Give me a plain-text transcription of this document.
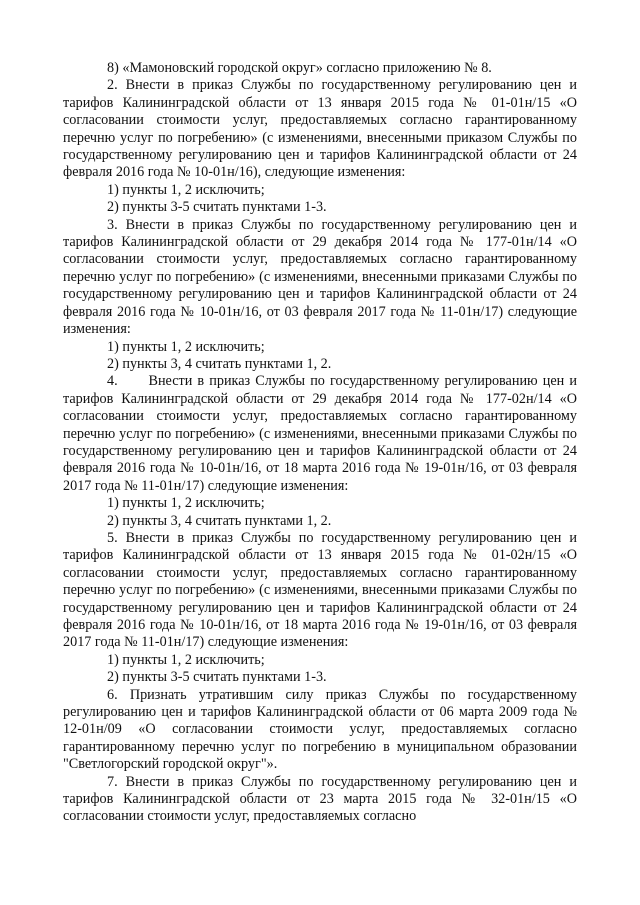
8) «Мамоновский городской округ» согласно приложению № 8.

2. Внести в приказ Службы по государственному регулированию цен и тарифов Калининградской области от 13 января 2015 года № 01-01н/15 «О согласовании стоимости услуг, предоставляемых согласно гарантированному перечню услуг по погребению» (с изменениями, внесенными приказом Службы по государственному регулированию цен и тарифов Калининградской области от 24 февраля 2016 года № 10-01н/16), следующие изменения:

1) пункты 1, 2 исключить;

2) пункты 3-5 считать пунктами 1-3.

3. Внести в приказ Службы по государственному регулированию цен и тарифов Калининградской области от 29 декабря 2014 года № 177-01н/14 «О согласовании стоимости услуг, предоставляемых согласно гарантированному перечню услуг по погребению» (с изменениями, внесенными приказами Службы по государственному регулированию цен и тарифов Калининградской области от 24 февраля 2016 года № 10-01н/16, от 03 февраля 2017 года № 11-01н/17) следующие изменения:

1) пункты 1, 2 исключить;

2) пункты 3, 4 считать пунктами 1, 2.

4.      Внести в приказ Службы по государственному регулированию цен и тарифов Калининградской области от 29 декабря 2014 года № 177-02н/14 «О согласовании стоимости услуг, предоставляемых согласно гарантированному перечню услуг по погребению» (с изменениями, внесенными приказами Службы по государственному регулированию цен и тарифов Калининградской области от 24 февраля 2016 года № 10-01н/16, от 18 марта 2016 года № 19-01н/16, от 03 февраля 2017 года № 11-01н/17) следующие изменения:

1) пункты 1, 2 исключить;

2) пункты 3, 4 считать пунктами 1, 2.

5. Внести в приказ Службы по государственному регулированию цен и тарифов Калининградской области от 13 января 2015 года № 01-02н/15 «О согласовании стоимости услуг, предоставляемых согласно гарантированному перечню услуг по погребению» (с изменениями, внесенными приказами Службы по государственному регулированию цен и тарифов Калининградской области от 24 февраля 2016 года № 10-01н/16, от 18 марта 2016 года № 19-01н/16, от 03 февраля 2017 года № 11-01н/17) следующие изменения:

1) пункты 1, 2 исключить;

2) пункты 3-5 считать пунктами 1-3.

6. Признать утратившим силу приказ Службы по государственному регулированию цен и тарифов Калининградской области от 06 марта 2009 года № 12-01н/09 «О согласовании стоимости услуг, предоставляемых согласно гарантированному перечню услуг по погребению в муниципальном образовании "Светлогорский городской округ"».

7. Внести в приказ Службы по государственному регулированию цен и тарифов Калининградской области от 23 марта 2015 года № 32-01н/15 «О согласовании стоимости услуг, предоставляемых согласно
